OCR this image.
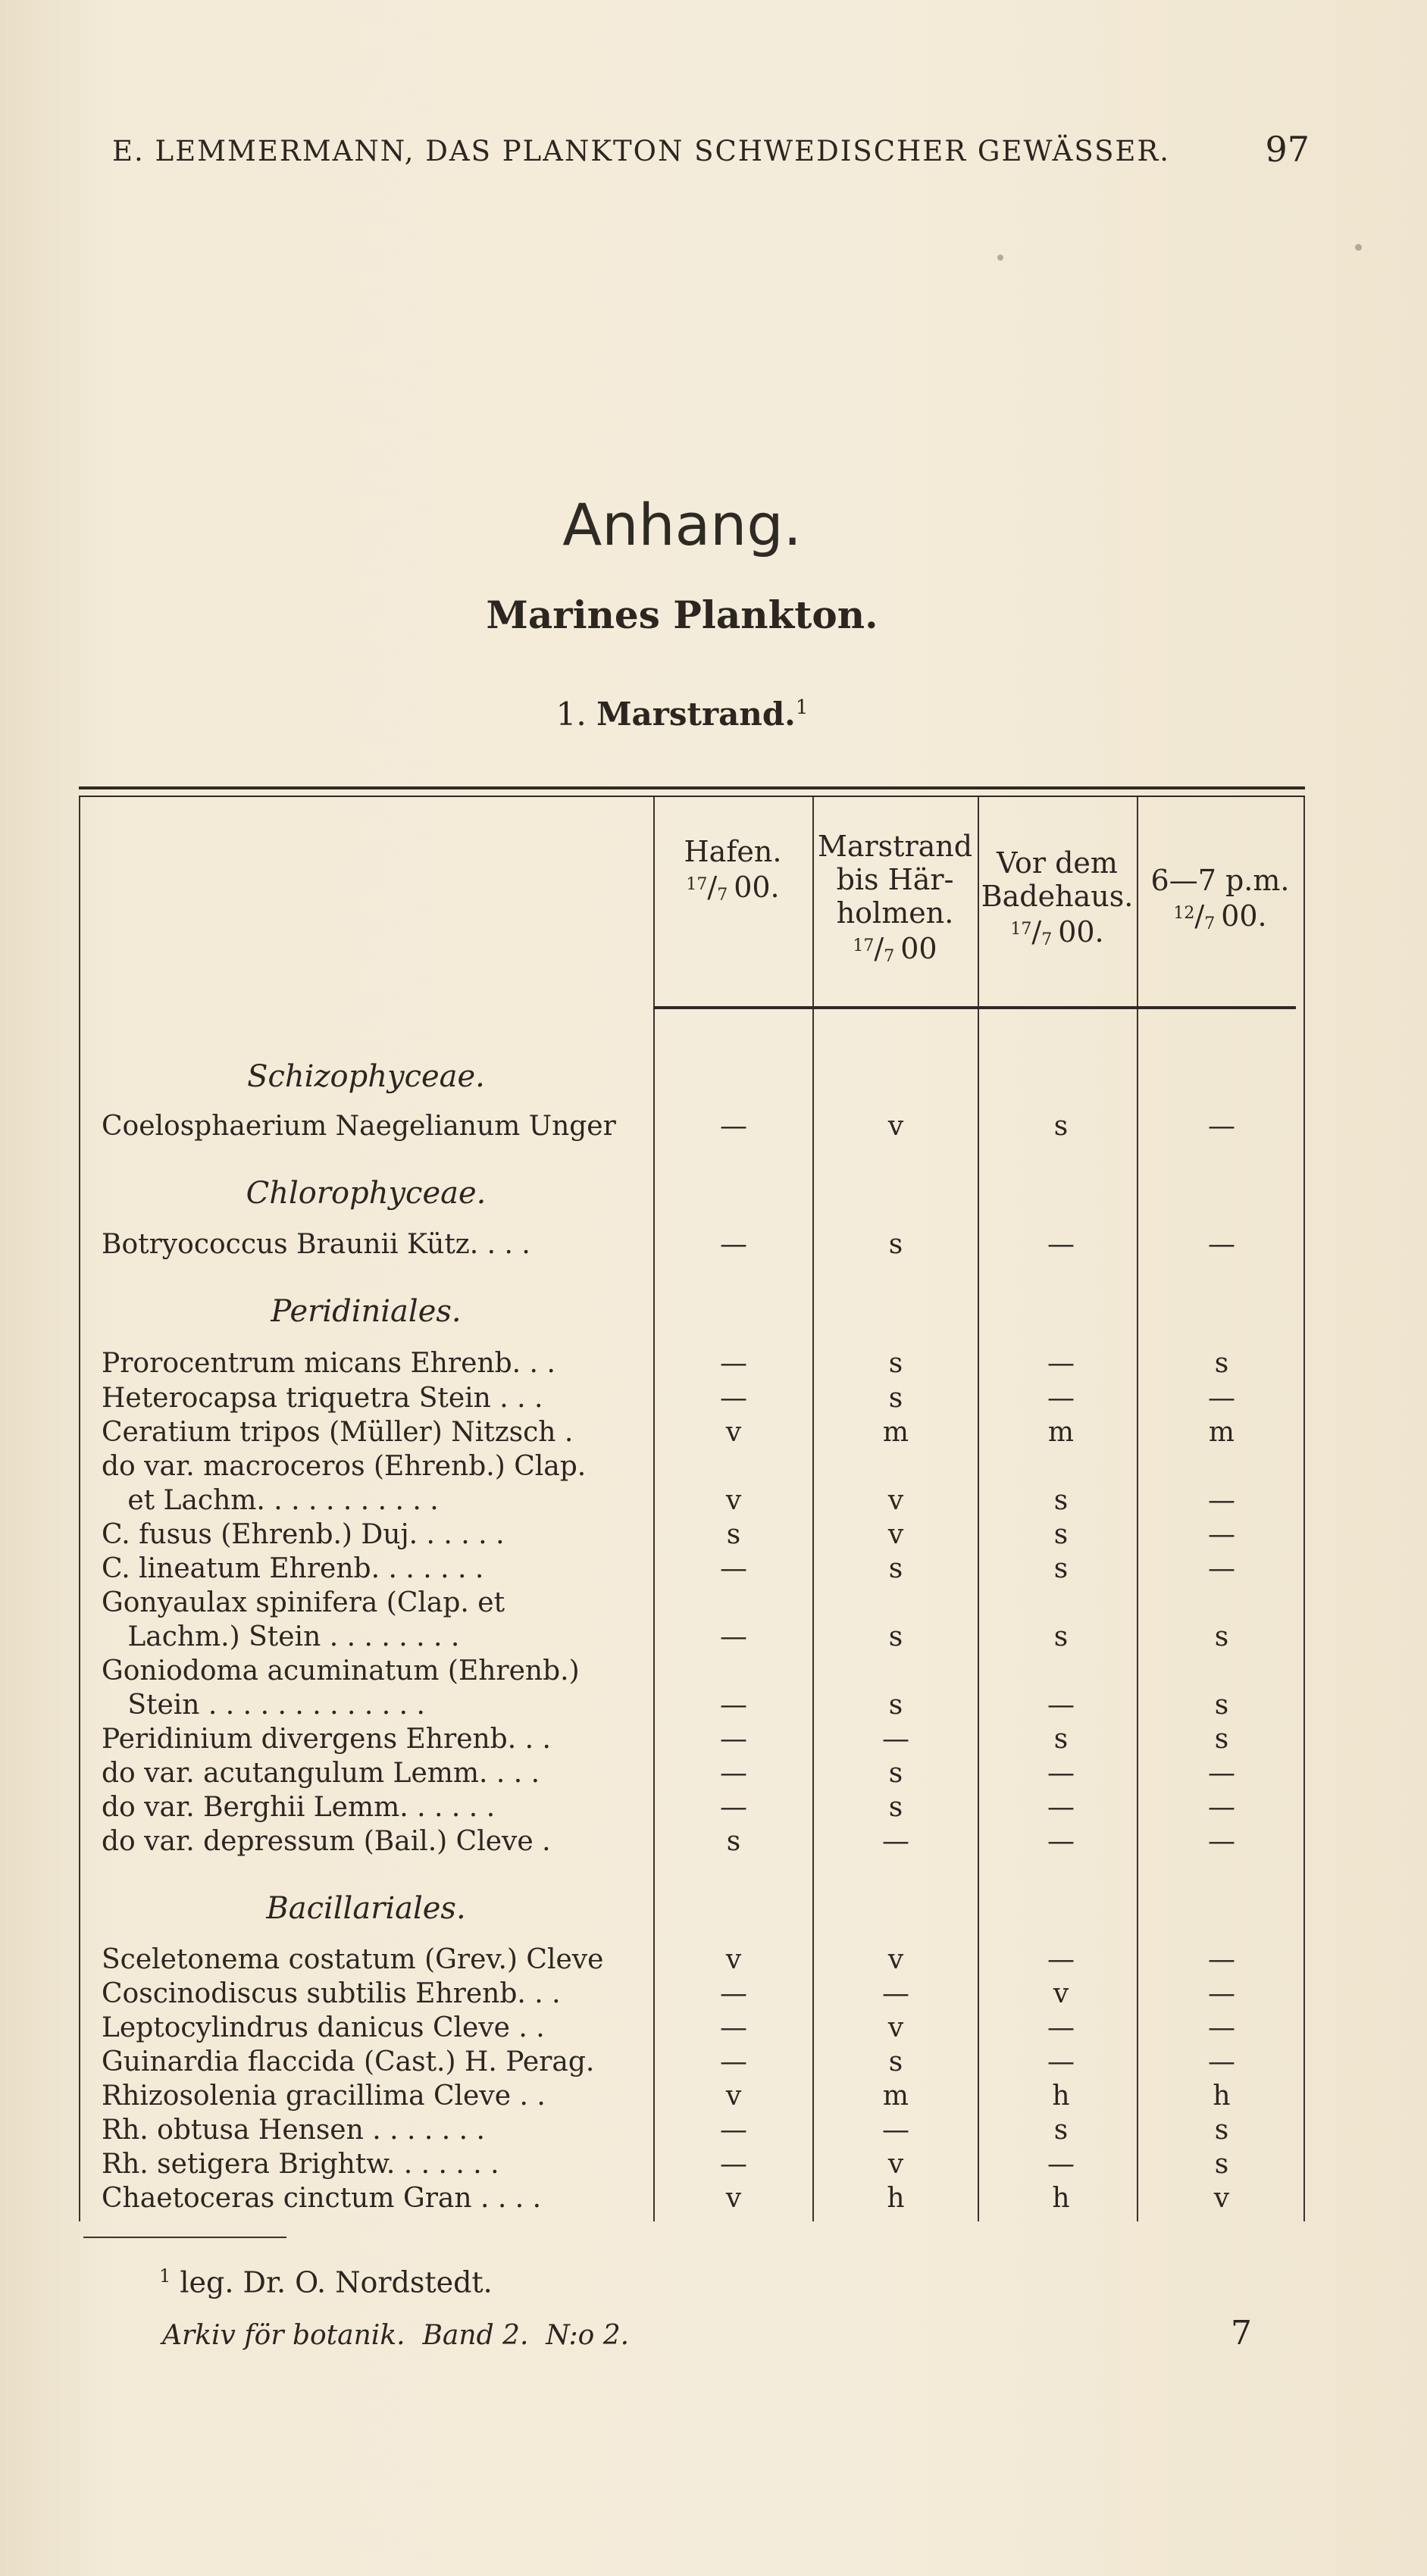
E. LEMMERMANN, DAS PLANKTON SCHWEDISCHER GEWÄSSER.	97
Anhang.
Marines Plankton.
1. Marstrand.$^1$
Hafen.
$^{17}/_7$ 00.
Marstrand
bis Här-
holmen.
$^{17}/_7$ 00
Vor dem
Badehaus.
$^{17}/_7$ 00.
6—7 p.m.
$^{12}/_7$ 00.
Schizophyceae.
Chlorophyceae.
Peridiniales.
Bacillariales.
Coelosphaerium Naegelianum Unger	—	v	s	—
Botryococcus Braunii Kütz. . . .	—	s	—	—
Prorocentrum micans Ehrenb. . .	—	s	—	s
Heterocapsa triquetra Stein . . .	—	s	—	—
Ceratium tripos (Müller) Nitzsch .	v	m	m	m
do var. macroceros (Ehrenb.) Clap.
et Lachm. . . . . . . . . . .	v	v	s	—
C. fusus (Ehrenb.) Duj. . . . . .	s	v	s	—
C. lineatum Ehrenb. . . . . . .	—	s	s	—
Gonyaulax spinifera (Clap. et
Lachm.) Stein . . . . . . . .	—	s	s	s
Goniodoma acuminatum (Ehrenb.)
Stein . . . . . . . . . . . . .	—	s	—	s
Peridinium divergens Ehrenb. . .	—	—	s	s
do var. acutangulum Lemm. . . .	—	s	—	—
do var. Berghii Lemm. . . . . .	—	s	—	—
do var. depressum (Bail.) Cleve .	s	—	—	—
Sceletonema costatum (Grev.) Cleve	v	v	—	—
Coscinodiscus subtilis Ehrenb. . .	—	—	v	—
Leptocylindrus danicus Cleve . .	—	v	—	—
Guinardia flaccida (Cast.) H. Perag.	—	s	—	—
Rhizosolenia gracillima Cleve . .	v	m	h	h
Rh. obtusa Hensen . . . . . . .	—	—	s	s
Rh. setigera Brightw. . . . . . .	—	v	—	s
Chaetoceras cinctum Gran . . . .	v	h	h	v
$^1$ leg. Dr. O. Nordstedt.
Arkiv för botanik.  Band 2.  N:o 2.	7
